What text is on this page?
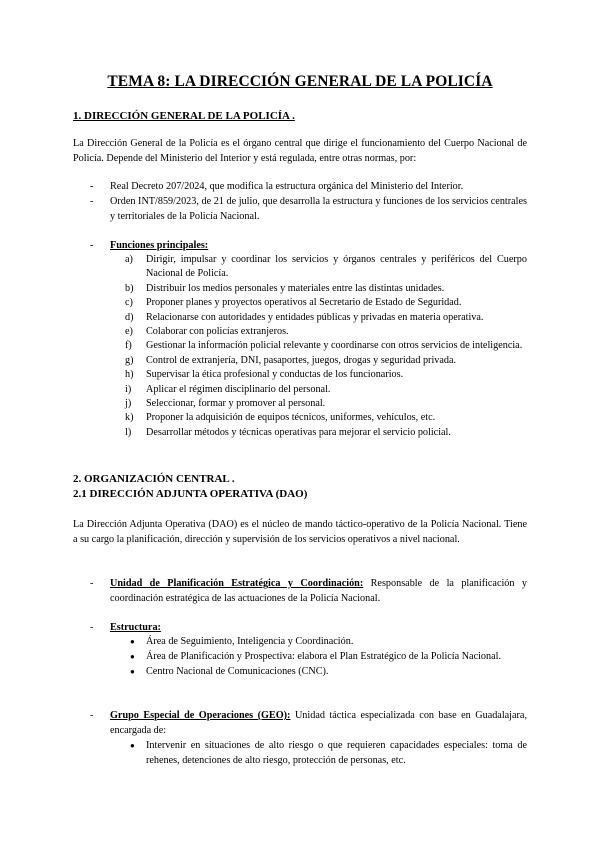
TEMA 8: LA DIRECCIÓN GENERAL DE LA POLICÍA
1. DIRECCIÓN GENERAL DE LA POLICÍA .
La Dirección General de la Policía es el órgano central que dirige el funcionamiento del Cuerpo Nacional de Policía. Depende del Ministerio del Interior y está regulada, entre otras normas, por:
- Real Decreto 207/2024, que modifica la estructura orgánica del Ministerio del Interior.
- Orden INT/859/2023, de 21 de julio, que desarrolla la estructura y funciones de los servicios centrales y territoriales de la Policía Nacional.
- Funciones principales:
a) Dirigir, impulsar y coordinar los servicios y órganos centrales y periféricos del Cuerpo Nacional de Policía.
b) Distribuir los medios personales y materiales entre las distintas unidades.
c) Proponer planes y proyectos operativos al Secretario de Estado de Seguridad.
d) Relacionarse con autoridades y entidades públicas y privadas en materia operativa.
e) Colaborar con policías extranjeros.
f) Gestionar la información policial relevante y coordinarse con otros servicios de inteligencia.
g) Control de extranjería, DNI, pasaportes, juegos, drogas y seguridad privada.
h) Supervisar la ética profesional y conductas de los funcionarios.
i) Aplicar el régimen disciplinario del personal.
j) Seleccionar, formar y promover al personal.
k) Proponer la adquisición de equipos técnicos, uniformes, vehículos, etc.
l) Desarrollar métodos y técnicas operativas para mejorar el servicio policial.
2. ORGANIZACIÓN CENTRAL .
2.1 DIRECCIÓN ADJUNTA OPERATIVA (DAO)
La Dirección Adjunta Operativa (DAO) es el núcleo de mando táctico-operativo de la Policía Nacional. Tiene a su cargo la planificación, dirección y supervisión de los servicios operativos a nivel nacional.
- Unidad de Planificación Estratégica y Coordinación: Responsable de la planificación y coordinación estratégica de las actuaciones de la Policía Nacional.
- Estructura:
● Área de Seguimiento, Inteligencia y Coordinación.
● Área de Planificación y Prospectiva: elabora el Plan Estratégico de la Policía Nacional.
● Centro Nacional de Comunicaciones (CNC).
- Grupo Especial de Operaciones (GEO): Unidad táctica especializada con base en Guadalajara, encargada de:
● Intervenir en situaciones de alto riesgo o que requieren capacidades especiales: toma de rehenes, detenciones de alto riesgo, protección de personas, etc.
